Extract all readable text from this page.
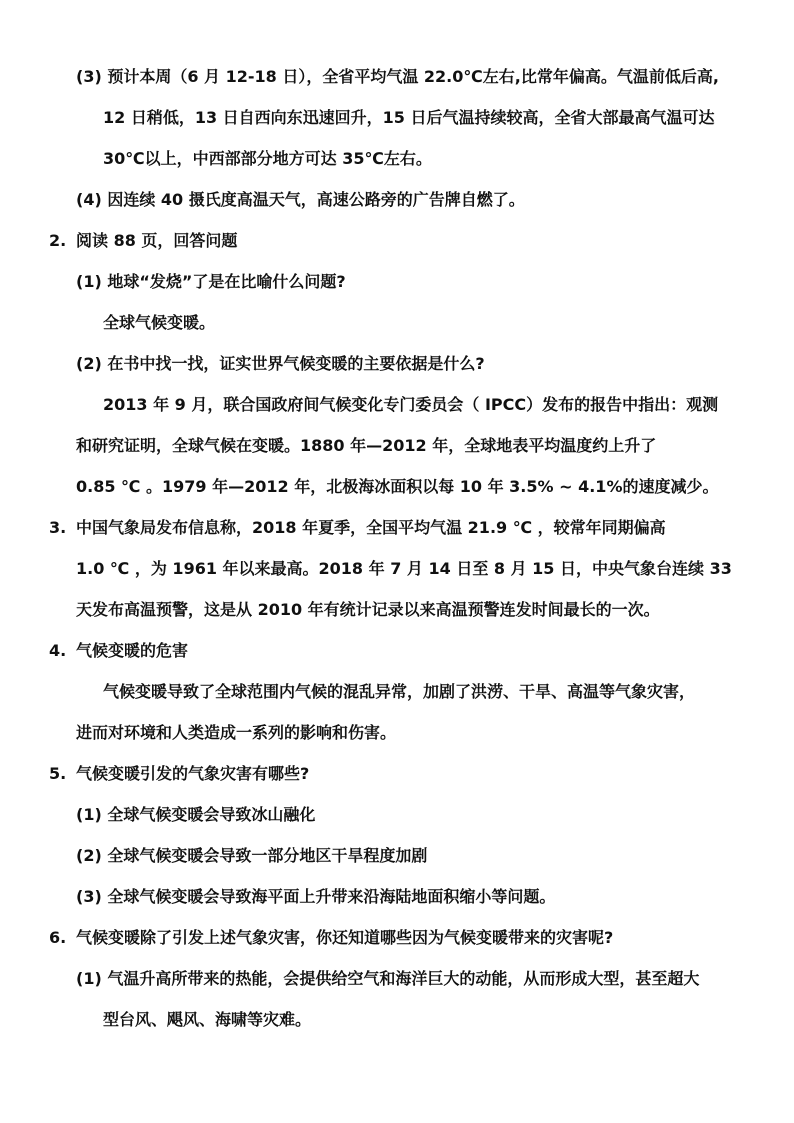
(3) 预计本周（6 月 12-18 日），全省平均气温 22.0℃左右,比常年偏高。气温前低后高,
12 日稍低，13 日自西向东迅速回升，15 日后气温持续较高，全省大部最高气温可达
30℃以上，中西部部分地方可达 35℃左右。
(4) 因连续 40 摄氏度高温天气，高速公路旁的广告牌自燃了。
2. 阅读 88 页，回答问题
(1) 地球“发烧”了是在比喻什么问题?
全球气候变暖。
(2) 在书中找一找，证实世界气候变暖的主要依据是什么?
2013 年 9 月，联合国政府间气候变化专门委员会（ IPCC）发布的报告中指出：观测
和研究证明，全球气候在变暖。1880 年—2012 年，全球地表平均温度约上升了
0.85 ℃ 。1979 年—2012 年，北极海冰面积以每 10 年 3.5% ~ 4.1%的速度减少。
3. 中国气象局发布信息称，2018 年夏季，全国平均气温 21.9 ℃ ，较常年同期偏高
1.0 ℃ ，为 1961 年以来最高。2018 年 7 月 14 日至 8 月 15 日，中央气象台连续 33
天发布高温预警，这是从 2010 年有统计记录以来高温预警连发时间最长的一次。
4. 气候变暖的危害
气候变暖导致了全球范围内气候的混乱异常，加剧了洪涝、干旱、高温等气象灾害，
进而对环境和人类造成一系列的影响和伤害。
5. 气候变暖引发的气象灾害有哪些?
(1) 全球气候变暖会导致冰山融化
(2) 全球气候变暖会导致一部分地区干旱程度加剧
(3) 全球气候变暖会导致海平面上升带来沿海陆地面积缩小等问题。
6. 气候变暖除了引发上述气象灾害，你还知道哪些因为气候变暖带来的灾害呢?
(1) 气温升高所带来的热能，会提供给空气和海洋巨大的动能，从而形成大型，甚至超大
型台风、飓风、海啸等灾难。
